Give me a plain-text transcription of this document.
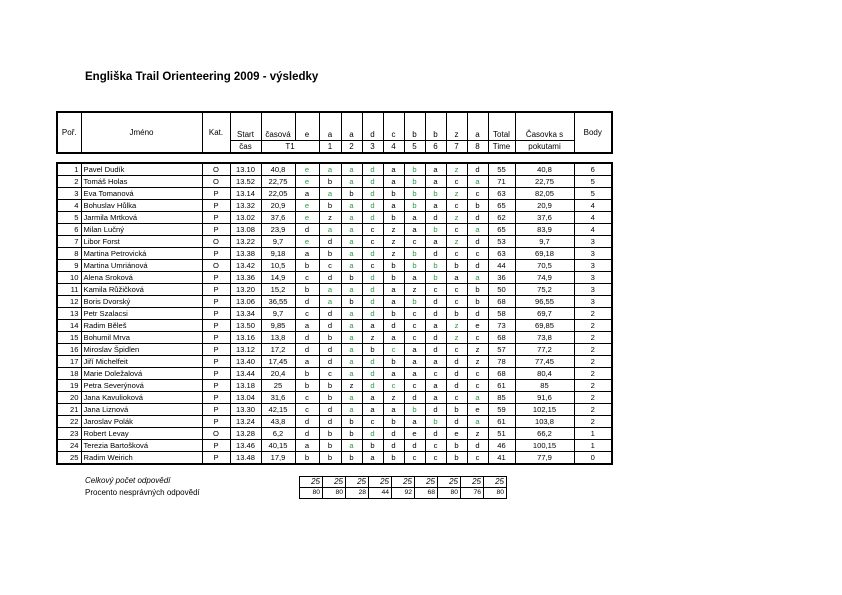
Engliška Trail Orienteering 2009 - výsledky
Poř.	Jméno	Kat.	Start	časová	e	a	a	d	c	b	b	z	a	Total	Časovka s	Body
			čas	T1		1	2	3	4	5	6	7	8	Time	pokutami	
1	Pavel Dudík	O	13.10	40,8	e	a	a	d	a	b	a	z	d	55	40,8	6
2	Tomáš Holas	O	13.52	22,75	e	b	a	d	a	b	a	c	a	71	22,75	5
3	Eva Tomanová	P	13.14	22,05	a	a	b	d	b	b	b	z	c	63	82,05	5
4	Bohuslav Hůlka	P	13.32	20,9	e	b	a	d	a	b	a	c	b	65	20,9	4
5	Jarmila Mrtková	P	13.02	37,6	e	z	a	d	b	a	d	z	d	62	37,6	4
6	Milan Lučný	P	13.08	23,9	d	a	a	c	z	a	b	c	a	65	83,9	4
7	Libor Forst	O	13.22	9,7	e	d	a	c	z	c	a	z	d	53	9,7	3
8	Martina Petrovická	P	13.38	9,18	a	b	a	d	z	b	d	c	c	63	69,18	3
9	Martina Umriánová	O	13.42	10,5	b	c	a	c	b	b	b	b	d	44	70,5	3
10	Alena Sroková	P	13.36	14,9	c	d	b	d	b	a	b	a	a	36	74,9	3
11	Kamila Růžičková	P	13.20	15,2	b	a	a	d	a	z	c	c	b	50	75,2	3
12	Boris Dvorský	P	13.06	36,55	d	a	b	d	a	b	d	c	b	68	96,55	3
13	Petr Szalacsi	P	13.34	9,7	c	d	a	d	b	c	d	b	d	58	69,7	2
14	Radim Běleš	P	13.50	9,85	a	d	a	a	d	c	a	z	e	73	69,85	2
15	Bohumil Mrva	P	13.16	13,8	d	b	a	z	a	c	d	z	c	68	73,8	2
16	Miroslav Špidlen	P	13.12	17,2	d	d	a	b	c	a	d	c	z	57	77,2	2
17	Jiří Michelfeit	P	13.40	17,45	a	d	a	d	b	a	a	d	z	78	77,45	2
18	Marie Doležalová	P	13.44	20,4	b	c	a	d	a	a	c	d	c	68	80,4	2
19	Petra Severýnová	P	13.18	25	b	b	z	d	c	c	a	d	c	61	85	2
20	Jana Kavulioková	P	13.04	31,6	c	b	a	a	z	d	a	c	a	85	91,6	2
21	Jana Liznová	P	13.30	42,15	c	d	a	a	a	b	d	b	e	59	102,15	2
22	Jaroslav Polák	P	13.24	43,8	d	d	b	c	b	a	b	d	a	61	103,8	2
23	Robert Levay	O	13.28	6,2	d	b	b	d	d	e	d	e	z	51	66,2	1
24	Terezia Bartošková	P	13.46	40,15	a	b	a	b	d	d	c	b	d	46	100,15	1
25	Radim Weirich	P	13.48	17,9	b	b	b	a	b	c	c	b	c	41	77,9	0
Celkový počet odpovědí
Procento nesprávných odpovědí
25	25	25	25	25	25	25	25	25
80	80	28	44	92	68	80	76	80
